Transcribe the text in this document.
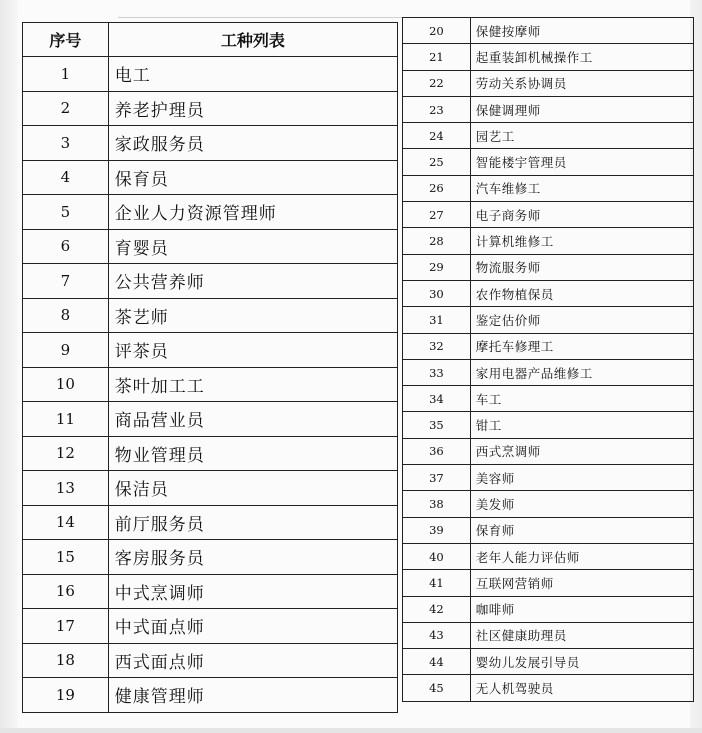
序号	工种列表
1	电工
2	养老护理员
3	家政服务员
4	保育员
5	企业人力资源管理师
6	育婴员
7	公共营养师
8	茶艺师
9	评茶员
10	茶叶加工工
11	商品营业员
12	物业管理员
13	保洁员
14	前厅服务员
15	客房服务员
16	中式烹调师
17	中式面点师
18	西式面点师
19	健康管理师
20	保健按摩师
21	起重装卸机械操作工
22	劳动关系协调员
23	保健调理师
24	园艺工
25	智能楼宇管理员
26	汽车维修工
27	电子商务师
28	计算机维修工
29	物流服务师
30	农作物植保员
31	鉴定估价师
32	摩托车修理工
33	家用电器产品维修工
34	车工
35	钳工
36	西式烹调师
37	美容师
38	美发师
39	保育师
40	老年人能力评估师
41	互联网营销师
42	咖啡师
43	社区健康助理员
44	婴幼儿发展引导员
45	无人机驾驶员
